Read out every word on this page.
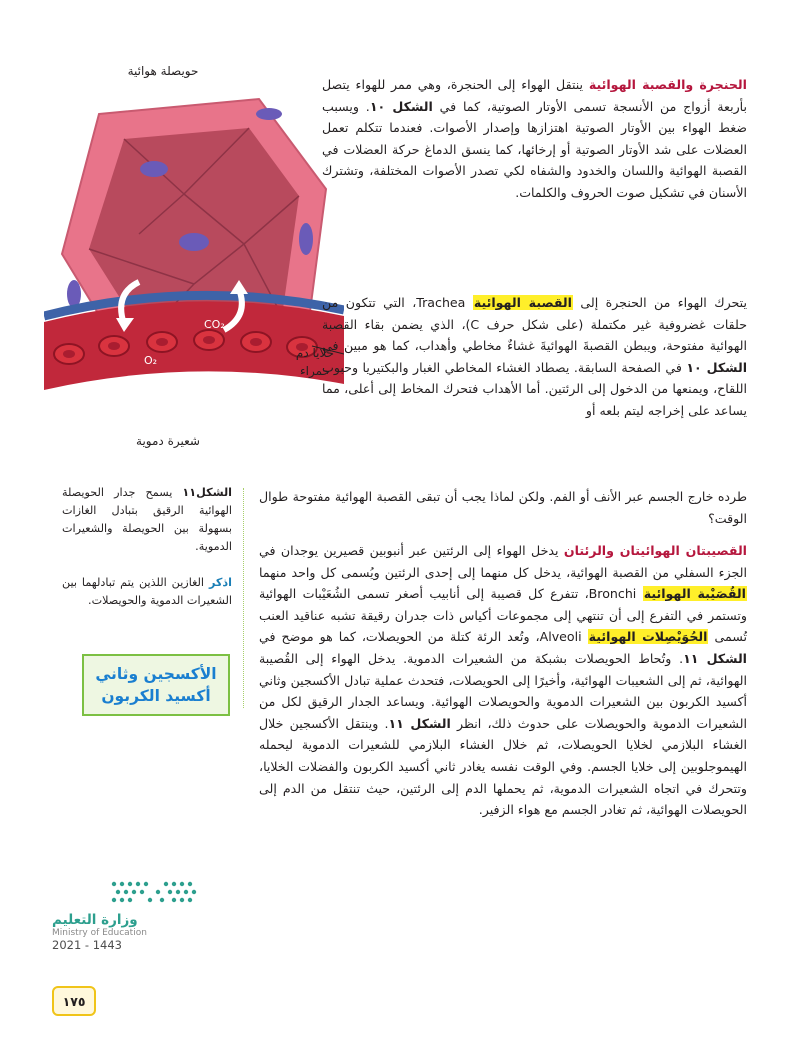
حويصلة هوائية
CO₂
O₂
خلايا دم حمراء
شعيرة دموية
الحنجرة والقصبة الهوائية ينتقل الهواء إلى الحنجرة، وهي ممر للهواء يتصل بأربعة أزواج من الأنسجة تسمى الأوتار الصوتية، كما في الشكل ١٠. ويسبب ضغط الهواء بين الأوتار الصوتية اهتزازها وإصدار الأصوات. فعندما تتكلم تعمل العضلات على شد الأوتار الصوتية أو إرخائها، كما ينسق الدماغ حركة العضلات في القصبة الهوائية واللسان والخدود والشفاه لكي تصدر الأصوات المختلفة، وتشترك الأسنان في تشكيل صوت الحروف والكلمات.
يتحرك الهواء من الحنجرة إلى القصبة الهوائية Trachea، التي تتكون من حلقات غضروفية غير مكتملة (على شكل حرف C)، الذي يضمن بقاء القصبة الهوائية مفتوحة، ويبطن القصبةَ الهوائيةَ غشاءٌ مخاطي وأهداب، كما هو مبين في الشكل ١٠ في الصفحة السابقة. يصطاد الغشاء المخاطي الغبار والبكتيريا وحبوب اللقاح، ويمنعها من الدخول إلى الرئتين. أما الأهداب فتحرك المخاط إلى أعلى، مما يساعد على إخراجه ليتم بلعه أو
طرده خارج الجسم عبر الأنف أو الفم. ولكن لماذا يجب أن تبقى القصبة الهوائية مفتوحة طوال الوقت؟
القصيبتان الهوائيتان والرئتان يدخل الهواء إلى الرئتين عبر أنبوبين قصيرين يوجدان في الجزء السفلي من القصبة الهوائية، يدخل كل منهما إلى إحدى الرئتين ويُسمى كل واحد منهما القُصَيْبة الهوائية Bronchi، تتفرع كل قصيبة إلى أنابيب أصغر تسمى الشُعَيْبات الهوائية وتستمر في التفرع إلى أن تنتهي إلى مجموعات أكياس ذات جدران رقيقة تشبه عناقيد العنب تُسمى الحُوَيْصِلات الهوائية Alveoli، وتُعد الرئة كتلة من الحويصلات، كما هو موضح في الشكل ١١. وتُحاط الحويصلات بشبكة من الشعيرات الدموية. يدخل الهواء إلى القُصيبة الهوائية، ثم إلى الشعيبات الهوائية، وأخيرًا إلى الحويصلات، فتحدث عملية تبادل الأكسجين وثاني أكسيد الكربون بين الشعيرات الدموية والحويصلات الهوائية. ويساعد الجدار الرقيق لكل من الشعيرات الدموية والحويصلات على حدوث ذلك، انظر الشكل ١١. وينتقل الأكسجين خلال الغشاء البلازمي لخلايا الحويصلات، ثم خلال الغشاء البلازمي للشعيرات الدموية ليحمله الهيموجلوبين إلى خلايا الجسم. وفي الوقت نفسه يغادر ثاني أكسيد الكربون والفضلات الخلايا، وتتحرك في اتجاه الشعيرات الدموية، ثم يحملها الدم إلى الرئتين، حيث تنتقل من الدم إلى الحويصلات الهوائية، ثم تغادر الجسم مع هواء الزفير.
الشكل١١ يسمح جدار الحويصلة الهوائية الرقيق بتبادل الغازات بسهولة بين الحويصلة والشعيرات الدموية.
اذكر الغازين اللذين يتم تبادلهما بين الشعيرات الدموية والحويصلات.
الأكسجين وثاني أكسيد الكربون
وزارة التعليم
Ministry of Education
2021 - 1443
١٧٥
